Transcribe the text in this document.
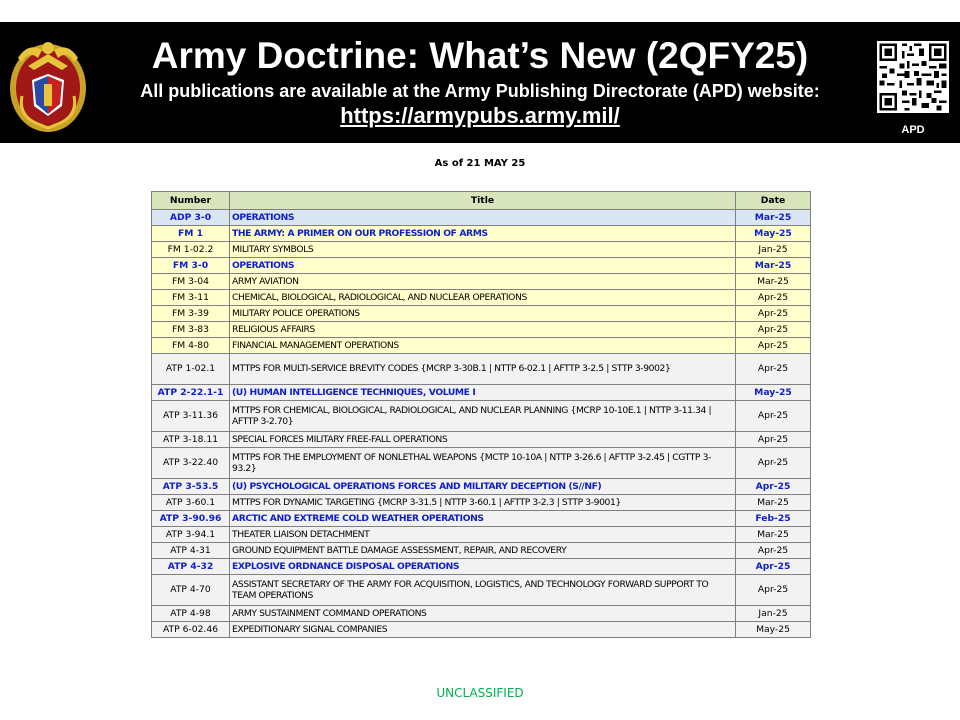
Army Doctrine: What’s New (2QFY25)
All publications are available at the Army Publishing Directorate (APD) website:
https://armypubs.army.mil/
APD
As of 21 MAY 25
Number	Title	Date
ADP 3-0	OPERATIONS	Mar-25
FM 1	THE ARMY: A PRIMER ON OUR PROFESSION OF ARMS	May-25
FM 1-02.2	MILITARY SYMBOLS	Jan-25
FM 3-0	OPERATIONS	Mar-25
FM 3-04	ARMY AVIATION	Mar-25
FM 3-11	CHEMICAL, BIOLOGICAL, RADIOLOGICAL, AND NUCLEAR OPERATIONS	Apr-25
FM 3-39	MILITARY POLICE OPERATIONS	Apr-25
FM 3-83	RELIGIOUS AFFAIRS	Apr-25
FM 4-80	FINANCIAL MANAGEMENT OPERATIONS	Apr-25
ATP 1-02.1	MTTPS FOR MULTI-SERVICE BREVITY CODES {MCRP 3-30B.1 | NTTP 6-02.1 | AFTTP 3-2.5 | STTP 3-9002}	Apr-25
ATP 2-22.1-1	(U) HUMAN INTELLIGENCE TECHNIQUES, VOLUME I	May-25
ATP 3-11.36	MTTPS FOR CHEMICAL, BIOLOGICAL, RADIOLOGICAL, AND NUCLEAR PLANNING {MCRP 10-10E.1 | NTTP 3-11.34 | AFTTP 3-2.70}	Apr-25
ATP 3-18.11	SPECIAL FORCES MILITARY FREE-FALL OPERATIONS	Apr-25
ATP 3-22.40	MTTPS FOR THE EMPLOYMENT OF NONLETHAL WEAPONS {MCTP 10-10A | NTTP 3-26.6 | AFTTP 3-2.45 | CGTTP 3-93.2}	Apr-25
ATP 3-53.5	(U) PSYCHOLOGICAL OPERATIONS FORCES AND MILITARY DECEPTION (S//NF)	Apr-25
ATP 3-60.1	MTTPS FOR DYNAMIC TARGETING {MCRP 3-31.5 | NTTP 3-60.1 | AFTTP 3-2.3 | STTP 3-9001}	Mar-25
ATP 3-90.96	ARCTIC AND EXTREME COLD WEATHER OPERATIONS	Feb-25
ATP 3-94.1	THEATER LIAISON DETACHMENT	Mar-25
ATP 4-31	GROUND EQUIPMENT BATTLE DAMAGE ASSESSMENT, REPAIR, AND RECOVERY	Apr-25
ATP 4-32	EXPLOSIVE ORDNANCE DISPOSAL OPERATIONS	Apr-25
ATP 4-70	ASSISTANT SECRETARY OF THE ARMY FOR ACQUISITION, LOGISTICS, AND TECHNOLOGY FORWARD SUPPORT TO TEAM OPERATIONS	Apr-25
ATP 4-98	ARMY SUSTAINMENT COMMAND OPERATIONS	Jan-25
ATP 6-02.46	EXPEDITIONARY SIGNAL COMPANIES	May-25
UNCLASSIFIED
